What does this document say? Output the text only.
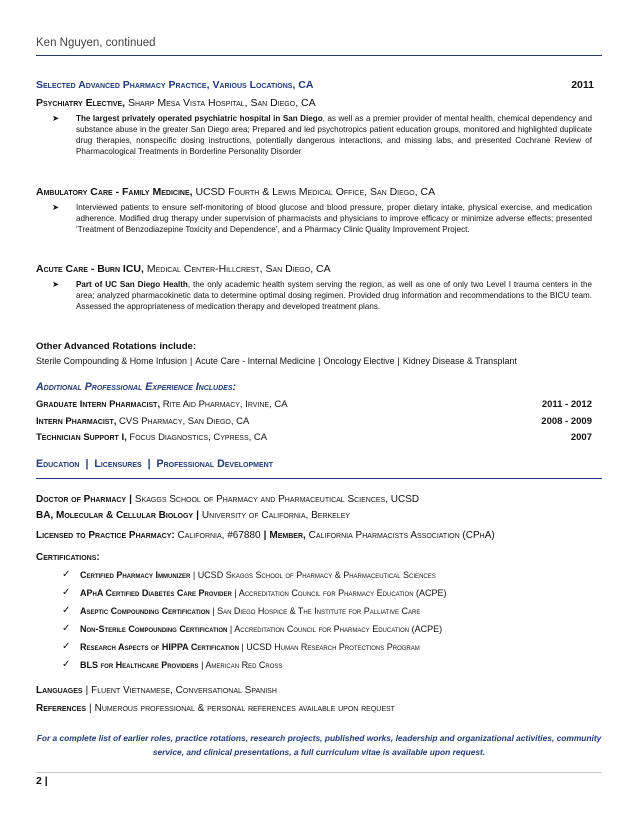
Ken Nguyen, continued
Selected Advanced Pharmacy Practice, Various Locations, CA	2011
Psychiatry Elective, Sharp Mesa Vista Hospital, San Diego, CA
➤ The largest privately operated psychiatric hospital in San Diego, as well as a premier provider of mental health, chemical dependency and substance abuse in the greater San Diego area; Prepared and led psychotropics patient education groups, monitored and highlighted duplicate drug therapies, nonspecific dosing instructions, potentially dangerous interactions, and missing labs, and presented Cochrane Review of Pharmacological Treatments in Borderline Personality Disorder
Ambulatory Care - Family Medicine, UCSD Fourth & Lewis Medical Office, San Diego, CA
➤ Interviewed patients to ensure self-monitoring of blood glucose and blood pressure, proper dietary intake, physical exercise, and medication adherence. Modified drug therapy under supervision of pharmacists and physicians to improve efficacy or minimize adverse effects; presented ‘Treatment of Benzodiazepine Toxicity and Dependence’, and a Pharmacy Clinic Quality Improvement Project.
Acute Care - Burn ICU, Medical Center-Hillcrest, San Diego, CA
➤ Part of UC San Diego Health, the only academic health system serving the region, as well as one of only two Level I trauma centers in the area; analyzed pharmacokinetic data to determine optimal dosing regimen. Provided drug information and recommendations to the BICU team. Assessed the appropriateness of medication therapy and developed treatment plans.
Other Advanced Rotations include:
Sterile Compounding & Home Infusion | Acute Care - Internal Medicine | Oncology Elective | Kidney Disease & Transplant
Additional Professional Experience Includes:
Graduate Intern Pharmacist, Rite Aid Pharmacy, Irvine, CA	2011 - 2012
Intern Pharmacist, CVS Pharmacy, San Diego, CA	2008 - 2009
Technician Support I, Focus Diagnostics, Cypress, CA	2007
Education | Licensures | Professional Development
Doctor of Pharmacy | Skaggs School of Pharmacy and Pharmaceutical Sciences, UCSD
BA, Molecular & Cellular Biology | University of California, Berkeley
Licensed to Practice Pharmacy: California, #67880 | Member, California Pharmacists Association (CPhA)
Certifications:
✓ Certified Pharmacy Immunizer | UCSD Skaggs School of Pharmacy & Pharmaceutical Sciences
✓ APhA Certified Diabetes Care Provider | Accreditation Council for Pharmacy Education (ACPE)
✓ Aseptic Compounding Certification | San Diego Hospice & The Institute for Palliative Care
✓ Non-Sterile Compounding Certification | Accreditation Council for Pharmacy Education (ACPE)
✓ Research Aspects of HIPPA Certification | UCSD Human Research Protections Program
✓ BLS for Healthcare Providers | American Red Cross
Languages | Fluent Vietnamese, Conversational Spanish
References | Numerous professional & personal references available upon request
For a complete list of earlier roles, practice rotations, research projects, published works, leadership and organizational activities, community service, and clinical presentations, a full curriculum vitae is available upon request.
2 |
